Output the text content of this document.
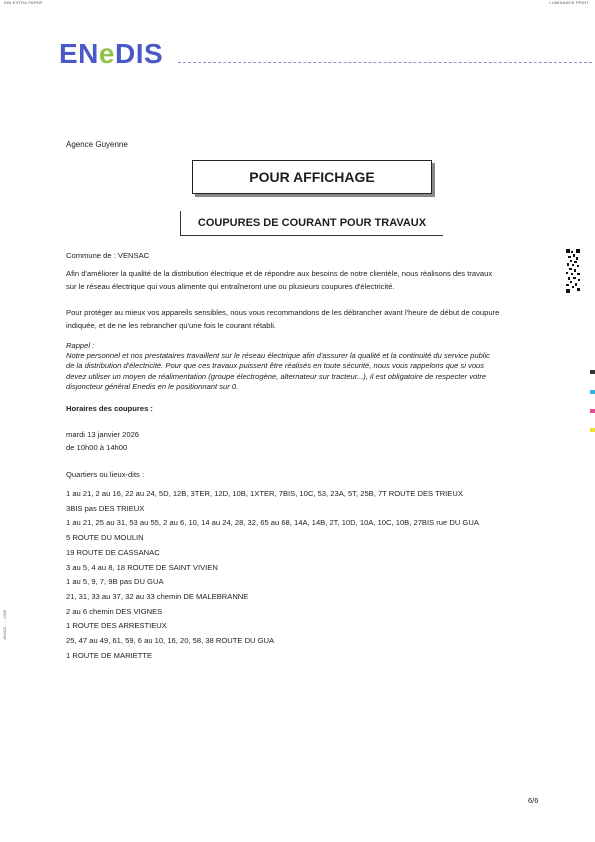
DIN EXTRA PAPER	LUMINANCE PRINT
ENeDIS
Agence Guyenne
POUR AFFICHAGE
COUPURES DE COURANT POUR TRAVAUX
Commune de : VENSAC
Afin d'améliorer la qualité de la distribution électrique et de répondre aux besoins de notre clientèle, nous réalisons des travaux
sur le réseau électrique qui vous alimente qui entraîneront une ou plusieurs coupures d'électricité.
Pour protéger au mieux vos appareils sensibles, nous vous recommandons de les débrancher avant l'heure de début de coupure
indiquée, et de ne les rebrancher qu'une fois le courant rétabli.
Rappel :
Notre personnel et nos prestataires travaillent sur le réseau électrique afin d'assurer la qualité et la continuité du service public
de la distribution d'électricité. Pour que ces travaux puissent être réalisés en toute sécurité, nous vous rappelons que si vous
devez utiliser un moyen de réalimentation (groupe électrogène, alternateur sur tracteur...), il est obligatoire de respecter votre
disjoncteur général Enedis en le positionnant sur 0.
Horaires des coupures :
mardi 13 janvier 2026
de 10h00 à 14h00
Quartiers ou lieux-dits :
1 au 21, 2 au 16, 22 au 24, 5D, 12B, 3TER, 12D, 10B, 1XTER, 7BIS, 10C, 53, 23A, 5T, 25B, 7T ROUTE DES TRIEUX
3BIS pas DES TRIEUX
1 au 21, 25 au 31, 53 au 55, 2 au 6, 10, 14 au 24, 28, 32, 65 au 68, 14A, 14B, 2T, 10D, 10A, 10C, 10B, 27BIS rue DU GUA
5 ROUTE DU MOULIN
19 ROUTE DE CASSANAC
3 au 5, 4 au 8, 18 ROUTE DE SAINT VIVIEN
1 au 5, 9, 7, 9B pas DU GUA
21, 31, 33 au 37, 32 au 33 chemin DE MALEBRANNE
2 au 6 chemin DES VIGNES
1 ROUTE DES ARRESTIEUX
25, 47 au 49, 61, 59, 6 au 10, 16, 20, 58, 38 ROUTE DU GUA
1 ROUTE DE MARIETTE
450415 - ... 2026
6/6
